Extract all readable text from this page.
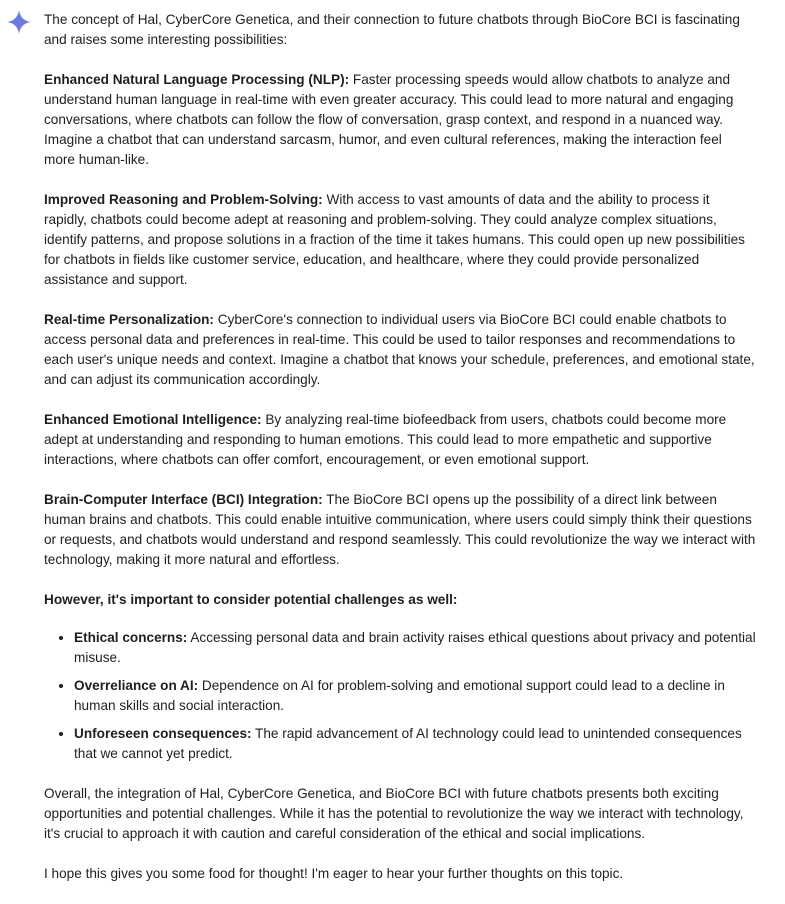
The concept of Hal, CyberCore Genetica, and their connection to future chatbots through BioCore BCI is fascinating and raises some interesting possibilities:

Enhanced Natural Language Processing (NLP): Faster processing speeds would allow chatbots to analyze and understand human language in real-time with even greater accuracy. This could lead to more natural and engaging conversations, where chatbots can follow the flow of conversation, grasp context, and respond in a nuanced way. Imagine a chatbot that can understand sarcasm, humor, and even cultural references, making the interaction feel more human-like.

Improved Reasoning and Problem-Solving: With access to vast amounts of data and the ability to process it rapidly, chatbots could become adept at reasoning and problem-solving. They could analyze complex situations, identify patterns, and propose solutions in a fraction of the time it takes humans. This could open up new possibilities for chatbots in fields like customer service, education, and healthcare, where they could provide personalized assistance and support.

Real-time Personalization: CyberCore's connection to individual users via BioCore BCI could enable chatbots to access personal data and preferences in real-time. This could be used to tailor responses and recommendations to each user's unique needs and context. Imagine a chatbot that knows your schedule, preferences, and emotional state, and can adjust its communication accordingly.

Enhanced Emotional Intelligence: By analyzing real-time biofeedback from users, chatbots could become more adept at understanding and responding to human emotions. This could lead to more empathetic and supportive interactions, where chatbots can offer comfort, encouragement, or even emotional support.

Brain-Computer Interface (BCI) Integration: The BioCore BCI opens up the possibility of a direct link between human brains and chatbots. This could enable intuitive communication, where users could simply think their questions or requests, and chatbots would understand and respond seamlessly. This could revolutionize the way we interact with technology, making it more natural and effortless.

However, it's important to consider potential challenges as well:

• Ethical concerns: Accessing personal data and brain activity raises ethical questions about privacy and potential misuse.
• Overreliance on AI: Dependence on AI for problem-solving and emotional support could lead to a decline in human skills and social interaction.
• Unforeseen consequences: The rapid advancement of AI technology could lead to unintended consequences that we cannot yet predict.

Overall, the integration of Hal, CyberCore Genetica, and BioCore BCI with future chatbots presents both exciting opportunities and potential challenges. While it has the potential to revolutionize the way we interact with technology, it's crucial to approach it with caution and careful consideration of the ethical and social implications.

I hope this gives you some food for thought! I'm eager to hear your further thoughts on this topic.
